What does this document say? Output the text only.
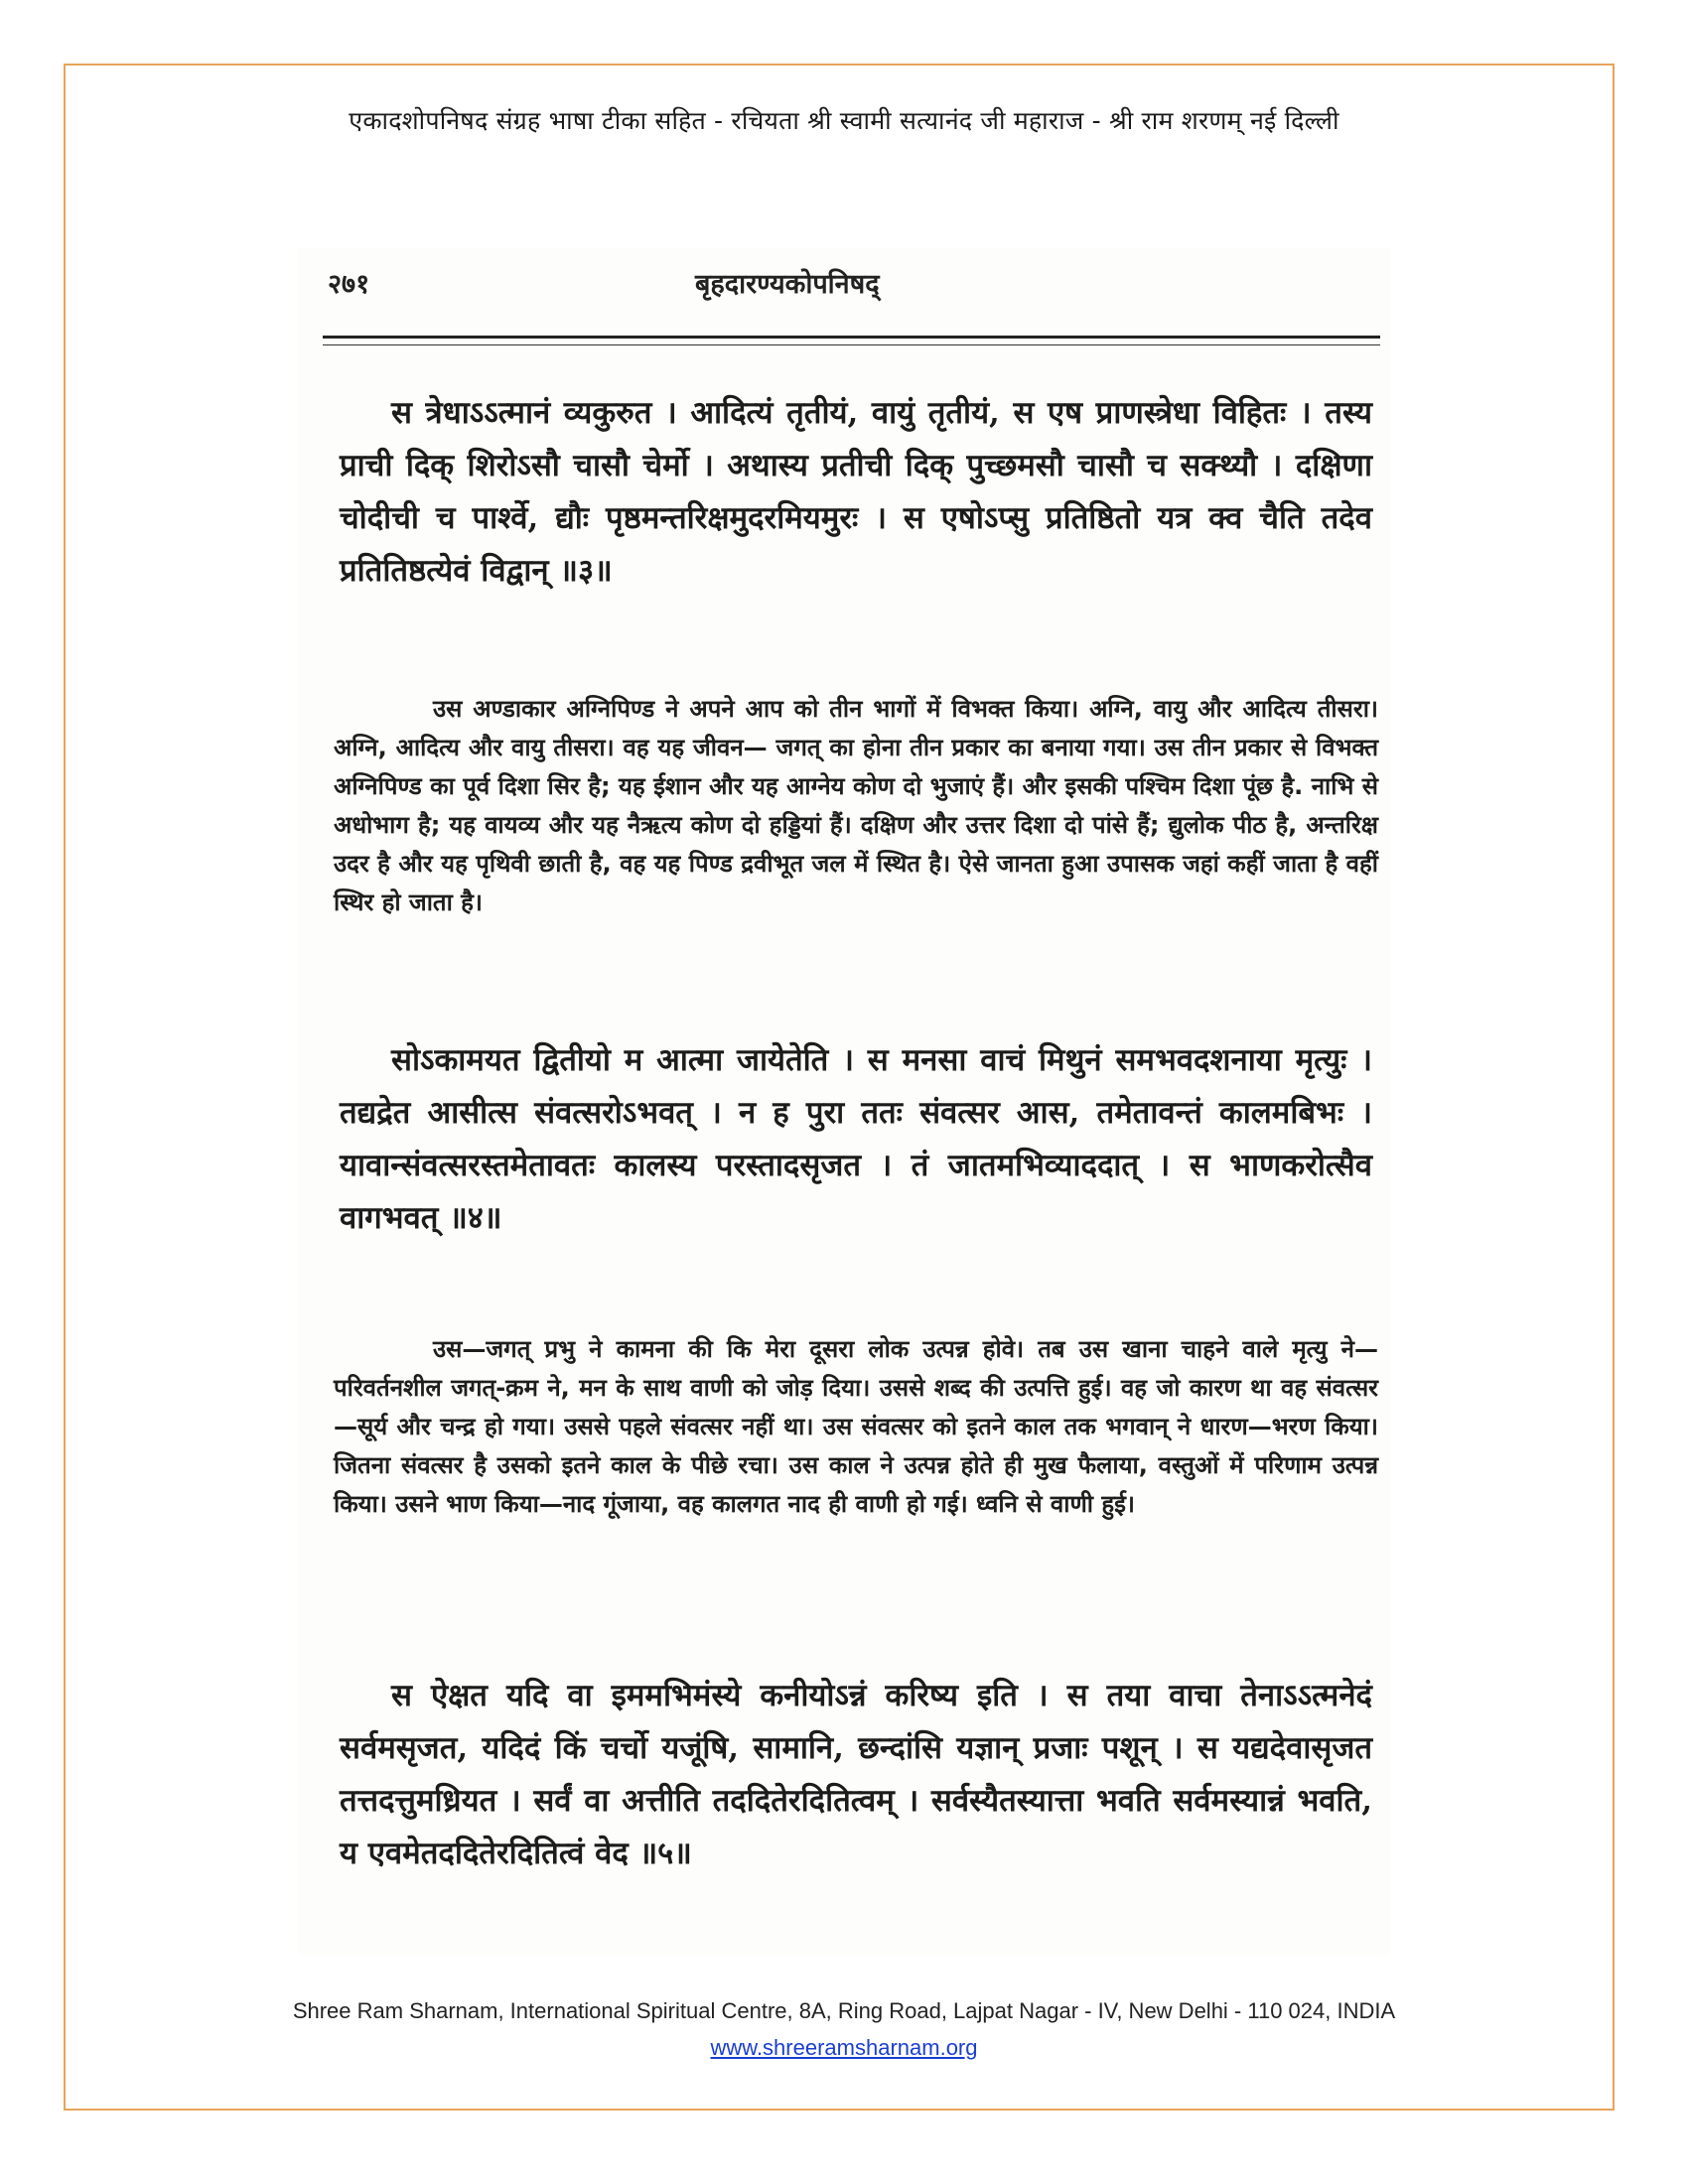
एकादशोपनिषद संग्रह भाषा टीका सहित - रचियता श्री स्वामी सत्यानंद जी महाराज - श्री राम शरणम् नई दिल्ली
२७१	बृहदारण्यकोपनिषद्

स त्रेधाऽऽत्मानं व्यकुरुत । आदित्यं तृतीयं, वायुं तृतीयं, स एष प्राणस्त्रेधा विहितः । तस्य प्राची दिक् शिरोऽसौ चासौ चेर्मो । अथास्य प्रतीची दिक् पुच्छमसौ चासौ च सक्थ्यौ । दक्षिणा चोदीची च पार्श्वे, द्यौः पृष्ठमन्तरिक्षमुदरमियमुरः । स एषोऽप्सु प्रतिष्ठितो यत्र क्व चैति तदेव प्रतितिष्ठत्येवं विद्वान् ॥३॥

उस अण्डाकार अग्निपिण्ड ने अपने आप को तीन भागों में विभक्त किया। अग्नि, वायु और आदित्य तीसरा। अग्नि, आदित्य और वायु तीसरा। वह यह जीवन— जगत् का होना तीन प्रकार का बनाया गया। उस तीन प्रकार से विभक्त अग्निपिण्ड का पूर्व दिशा सिर है; यह ईशान और यह आग्नेय कोण दो भुजाएं हैं। और इसकी पश्चिम दिशा पूंछ है. नाभि से अधोभाग है; यह वायव्य और यह नैऋत्य कोण दो हड्डियां हैं। दक्षिण और उत्तर दिशा दो पांसे हैं; द्युलोक पीठ है, अन्तरिक्ष उदर है और यह पृथिवी छाती है, वह यह पिण्ड द्रवीभूत जल में स्थित है। ऐसे जानता हुआ उपासक जहां कहीं जाता है वहीं स्थिर हो जाता है।

सोऽकामयत द्वितीयो म आत्मा जायेतेति । स मनसा वाचं मिथुनं समभवदशनाया मृत्युः । तद्यद्रेत आसीत्स संवत्सरोऽभवत् । न ह पुरा ततः संवत्सर आस, तमेतावन्तं कालमबिभः । यावान्संवत्सरस्तमेतावतः कालस्य परस्तादसृजत । तं जातमभिव्याददात् । स भाणकरोत्सैव वागभवत् ॥४॥

उस—जगत् प्रभु ने कामना की कि मेरा दूसरा लोक उत्पन्न होवे। तब उस खाना चाहने वाले मृत्यु ने—परिवर्तनशील जगत्-क्रम ने, मन के साथ वाणी को जोड़ दिया। उससे शब्द की उत्पत्ति हुई। वह जो कारण था वह संवत्सर—सूर्य और चन्द्र हो गया। उससे पहले संवत्सर नहीं था। उस संवत्सर को इतने काल तक भगवान् ने धारण—भरण किया। जितना संवत्सर है उसको इतने काल के पीछे रचा। उस काल ने उत्पन्न होते ही मुख फैलाया, वस्तुओं में परिणाम उत्पन्न किया। उसने भाण किया—नाद गूंजाया, वह कालगत नाद ही वाणी हो गई। ध्वनि से वाणी हुई।

स ऐक्षत यदि वा इममभिमंस्ये कनीयोऽन्नं करिष्य इति । स तया वाचा तेनाऽऽत्मनेदं सर्वमसृजत, यदिदं किं चर्चो यजूंषि, सामानि, छन्दांसि यज्ञान् प्रजाः पशून् । स यद्यदेवासृजत तत्तदत्तुमध्रियत । सर्वं वा अत्तीति तददितेरदितित्वम् । सर्वस्यैतस्यात्ता भवति सर्वमस्यान्नं भवति, य एवमेतददितेरदितित्वं वेद ॥५॥

Shree Ram Sharnam, International Spiritual Centre, 8A, Ring Road, Lajpat Nagar - IV, New Delhi - 110 024, INDIA
www.shreeramsharnam.org
